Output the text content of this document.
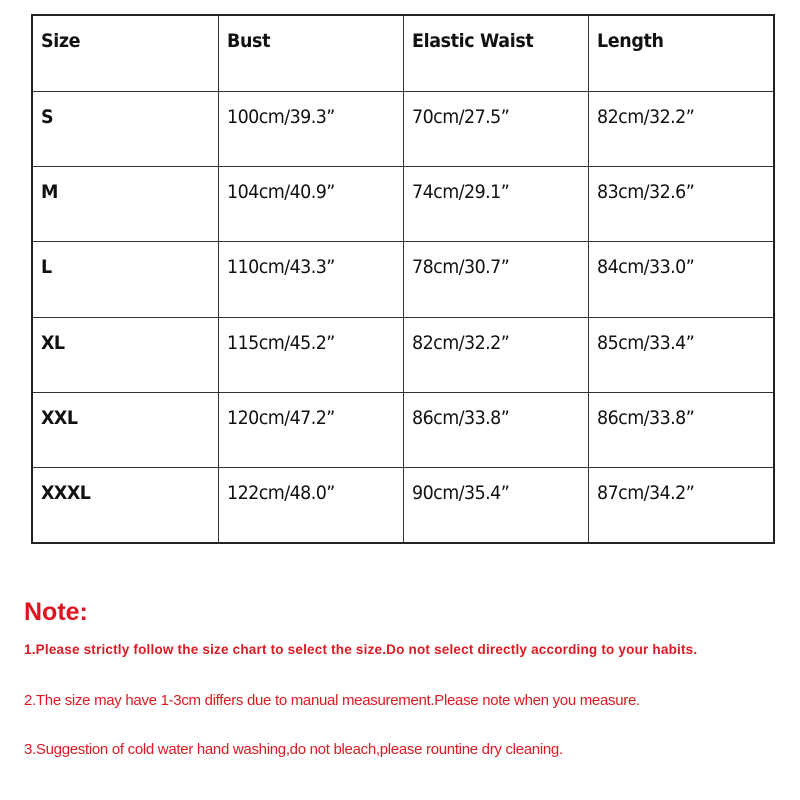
Size	Bust	Elastic Waist	Length
S	100cm/39.3”	70cm/27.5”	82cm/32.2”
M	104cm/40.9”	74cm/29.1”	83cm/32.6”
L	110cm/43.3”	78cm/30.7”	84cm/33.0”
XL	115cm/45.2”	82cm/32.2”	85cm/33.4”
XXL	120cm/47.2”	86cm/33.8”	86cm/33.8”
XXXL	122cm/48.0”	90cm/35.4”	87cm/34.2”
Note:
1.Please strictly follow the size chart to select the size.Do not select directly according to your habits.
2.The size may have 1-3cm differs due to manual measurement.Please note when you measure.
3.Suggestion of cold water hand washing,do not bleach,please rountine dry cleaning.
